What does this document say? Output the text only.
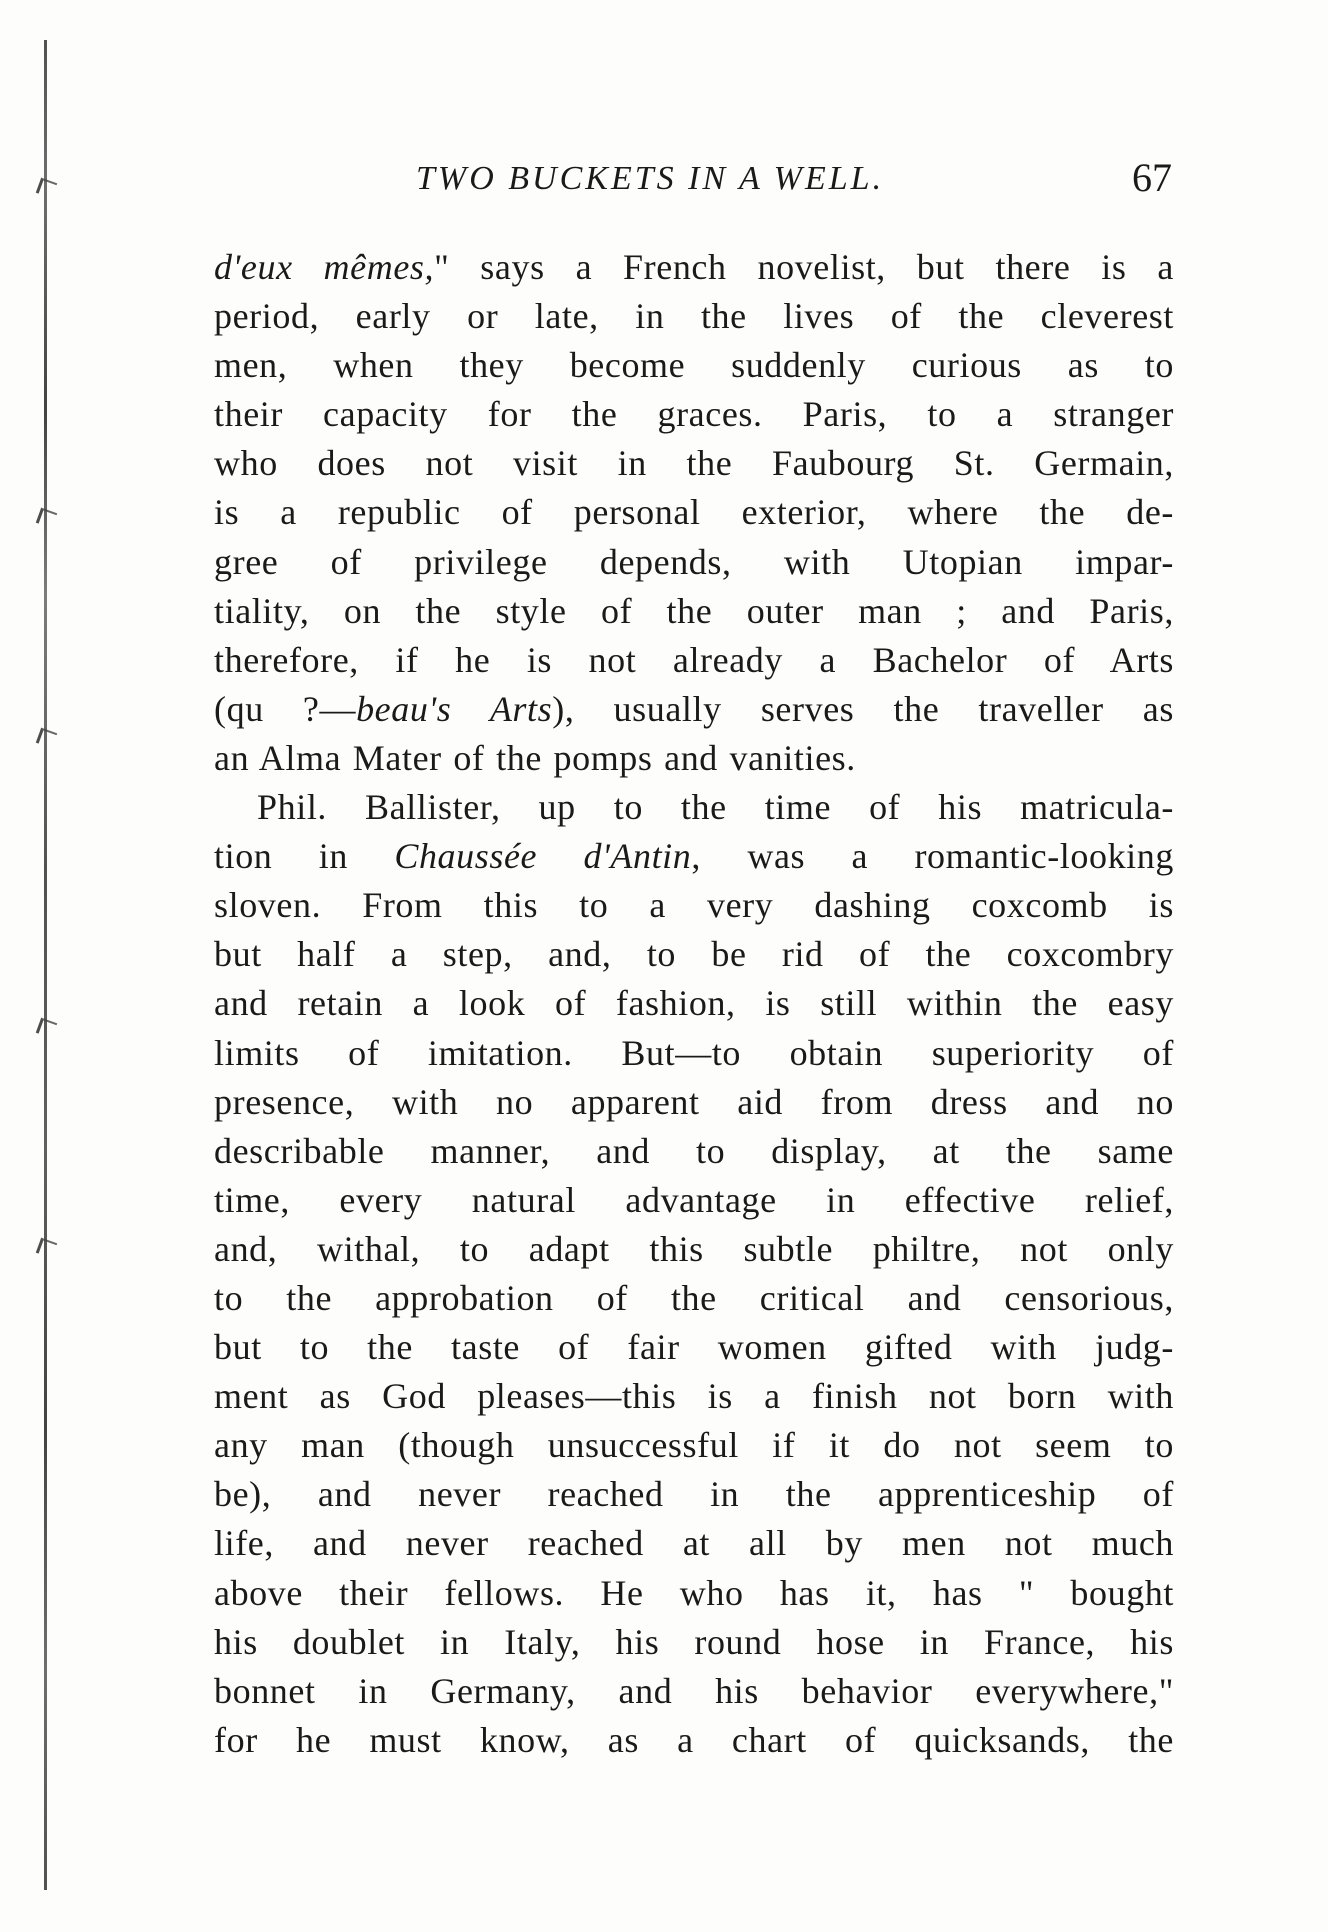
TWO BUCKETS IN A WELL.	67

d'eux mêmes," says a French novelist, but there is a
period, early or late, in the lives of the cleverest
men, when they become suddenly curious as to
their capacity for the graces. Paris, to a stranger
who does not visit in the Faubourg St. Germain,
is a republic of personal exterior, where the de-
gree of privilege depends, with Utopian impar-
tiality, on the style of the outer man ; and Paris,
therefore, if he is not already a Bachelor of Arts
(qu ?—beau's Arts), usually serves the traveller as
an Alma Mater of the pomps and vanities.

Phil. Ballister, up to the time of his matricula-
tion in Chaussée d'Antin, was a romantic-looking
sloven. From this to a very dashing coxcomb is
but half a step, and, to be rid of the coxcombry
and retain a look of fashion, is still within the easy
limits of imitation. But—to obtain superiority of
presence, with no apparent aid from dress and no
describable manner, and to display, at the same
time, every natural advantage in effective relief,
and, withal, to adapt this subtle philtre, not only
to the approbation of the critical and censorious,
but to the taste of fair women gifted with judg-
ment as God pleases—this is a finish not born with
any man (though unsuccessful if it do not seem to
be), and never reached in the apprenticeship of
life, and never reached at all by men not much
above their fellows. He who has it, has " bought
his doublet in Italy, his round hose in France, his
bonnet in Germany, and his behavior everywhere,"
for he must know, as a chart of quicksands, the
